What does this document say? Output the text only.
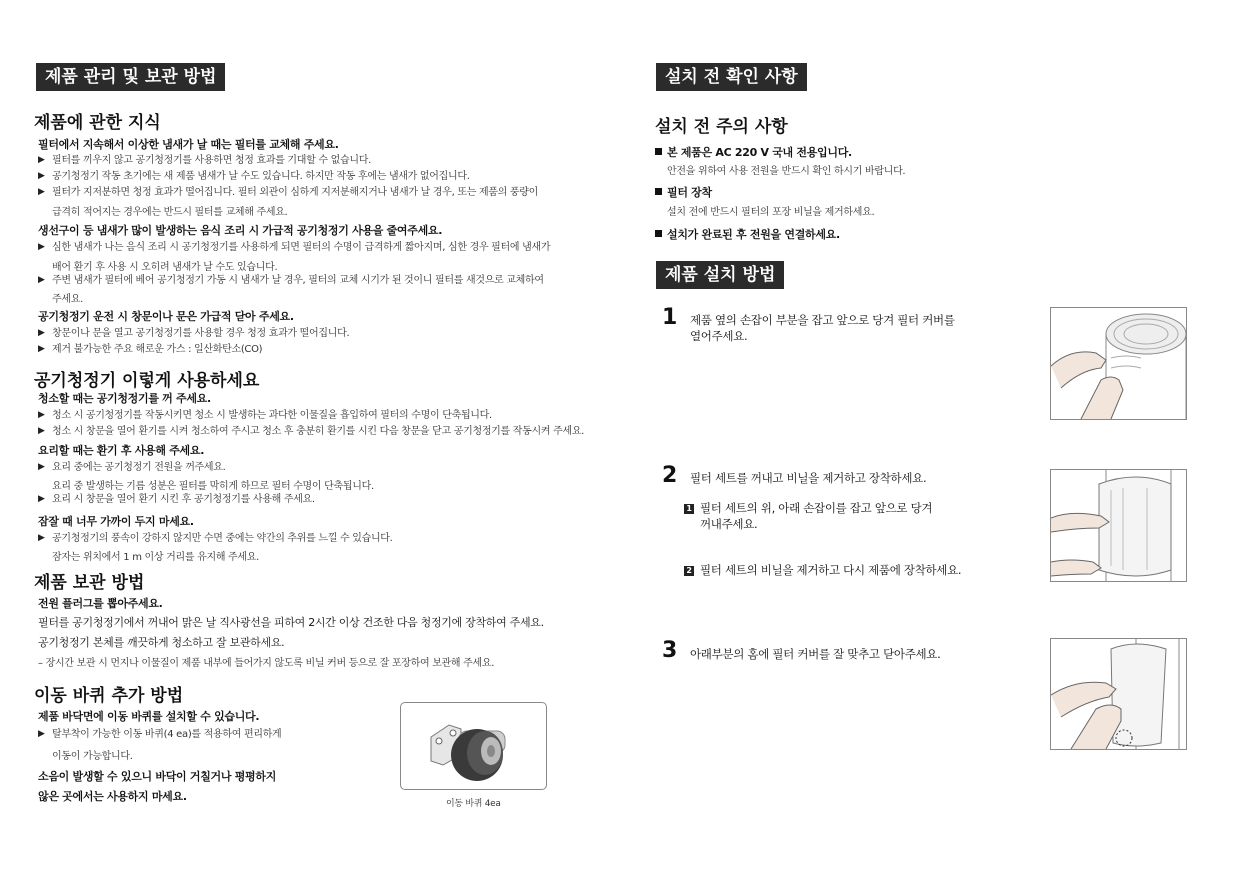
제품 관리 및 보관 방법
제품에 관한 지식
필터에서 지속해서 이상한 냄새가 날 때는 필터를 교체해 주세요.
▶ 필터를 끼우지 않고 공기청정기를 사용하면 청정 효과를 기대할 수 없습니다.
▶ 공기청정기 작동 초기에는 새 제품 냄새가 날 수도 있습니다. 하지만 작동 후에는 냄새가 없어집니다.
▶ 필터가 지저분하면 청정 효과가 떨어집니다. 필터 외관이 심하게 지저분해지거나 냄새가 날 경우, 또는 제품의 풍량이
급격히 적어지는 경우에는 반드시 필터를 교체해 주세요.
생선구이 등 냄새가 많이 발생하는 음식 조리 시 가급적 공기청정기 사용을 줄여주세요.
▶ 심한 냄새가 나는 음식 조리 시 공기청정기를 사용하게 되면 필터의 수명이 급격하게 짧아지며, 심한 경우 필터에 냄새가
배어 환기 후 사용 시 오히려 냄새가 날 수도 있습니다.
▶ 주변 냄새가 필터에 베어 공기청정기 가동 시 냄새가 날 경우, 필터의 교체 시기가 된 것이니 필터를 새것으로 교체하여
주세요.
공기청정기 운전 시 창문이나 문은 가급적 닫아 주세요.
▶ 창문이나 문을 열고 공기청정기를 사용할 경우 청정 효과가 떨어집니다.
▶ 제거 불가능한 주요 해로운 가스 : 일산화탄소(CO)
공기청정기 이렇게 사용하세요
청소할 때는 공기청정기를 꺼 주세요.
▶ 청소 시 공기청정기를 작동시키면 청소 시 발생하는 과다한 이물질을 흡입하여 필터의 수명이 단축됩니다.
▶ 청소 시 창문을 열어 환기를 시켜 청소하여 주시고 청소 후 충분히 환기를 시킨 다음 창문을 닫고 공기청정기를 작동시켜 주세요.
요리할 때는 환기 후 사용해 주세요.
▶ 요리 중에는 공기청정기 전원을 꺼주세요.
요리 중 발생하는 기름 성분은 필터를 막히게 하므로 필터 수명이 단축됩니다.
▶ 요리 시 창문을 열어 환기 시킨 후 공기청정기를 사용해 주세요.
잠잘 때 너무 가까이 두지 마세요.
▶ 공기청정기의 풍속이 강하지 않지만 수면 중에는 약간의 추위를 느낄 수 있습니다.
잠자는 위치에서 1 m 이상 거리를 유지해 주세요.
제품 보관 방법
전원 플러그를 뽑아주세요.
필터를 공기청정기에서 꺼내어 맑은 날 직사광선을 피하여 2시간 이상 건조한 다음 청정기에 장착하여 주세요.
공기청정기 본체를 깨끗하게 청소하고 잘 보관하세요.
– 장시간 보관 시 먼지나 이물질이 제품 내부에 들어가지 않도록 비닐 커버 등으로 잘 포장하여 보관해 주세요.
이동 바퀴 추가 방법
제품 바닥면에 이동 바퀴를 설치할 수 있습니다.
▶ 탈부착이 가능한 이동 바퀴(4 ea)를 적용하여 편리하게
이동이 가능합니다.
소음이 발생할 수 있으니 바닥이 거칠거나 평평하지
않은 곳에서는 사용하지 마세요.
이동 바퀴 4ea
설치 전 확인 사항
설치 전 주의 사항
본 제품은 AC 220 V 국내 전용입니다.
안전을 위하여 사용 전원을 반드시 확인 하시기 바랍니다.
필터 장착
설치 전에 반드시 필터의 포장 비닐을 제거하세요.
설치가 완료된 후 전원을 연결하세요.
제품 설치 방법
1 제품 옆의 손잡이 부분을 잡고 앞으로 당겨 필터 커버를
열어주세요.
2 필터 세트를 꺼내고 비닐을 제거하고 장착하세요.
1 필터 세트의 위, 아래 손잡이를 잡고 앞으로 당겨
꺼내주세요.
2 필터 세트의 비닐을 제거하고 다시 제품에 장착하세요.
3 아래부분의 홈에 필터 커버를 잘 맞추고 닫아주세요.
